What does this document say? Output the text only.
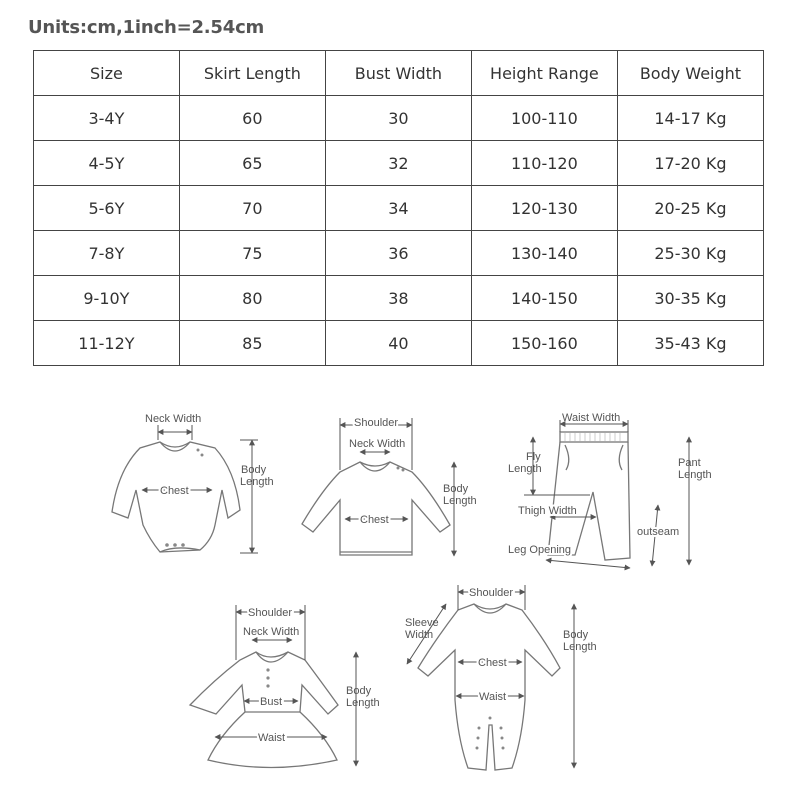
Units:cm,1inch=2.54cm
Size	Skirt Length	Bust Width	Height Range	Body Weight
3-4Y	60	30	100-110	14-17 Kg
4-5Y	65	32	110-120	17-20 Kg
5-6Y	70	34	120-130	20-25 Kg
7-8Y	75	36	130-140	25-30 Kg
9-10Y	80	38	140-150	30-35 Kg
11-12Y	85	40	150-160	35-43 Kg
Neck Width
Chest
Body
Length
Shoulder
Neck Width
Chest
Body
Length
Waist Width
Fly
Length	Pant
Length
Thigh Width
outseam
Leg Opening
Shoulder
Neck Width
Bust
Waist
Body
Length
Shoulder
Sleeve
Width
Chest
Waist
Body
Length
